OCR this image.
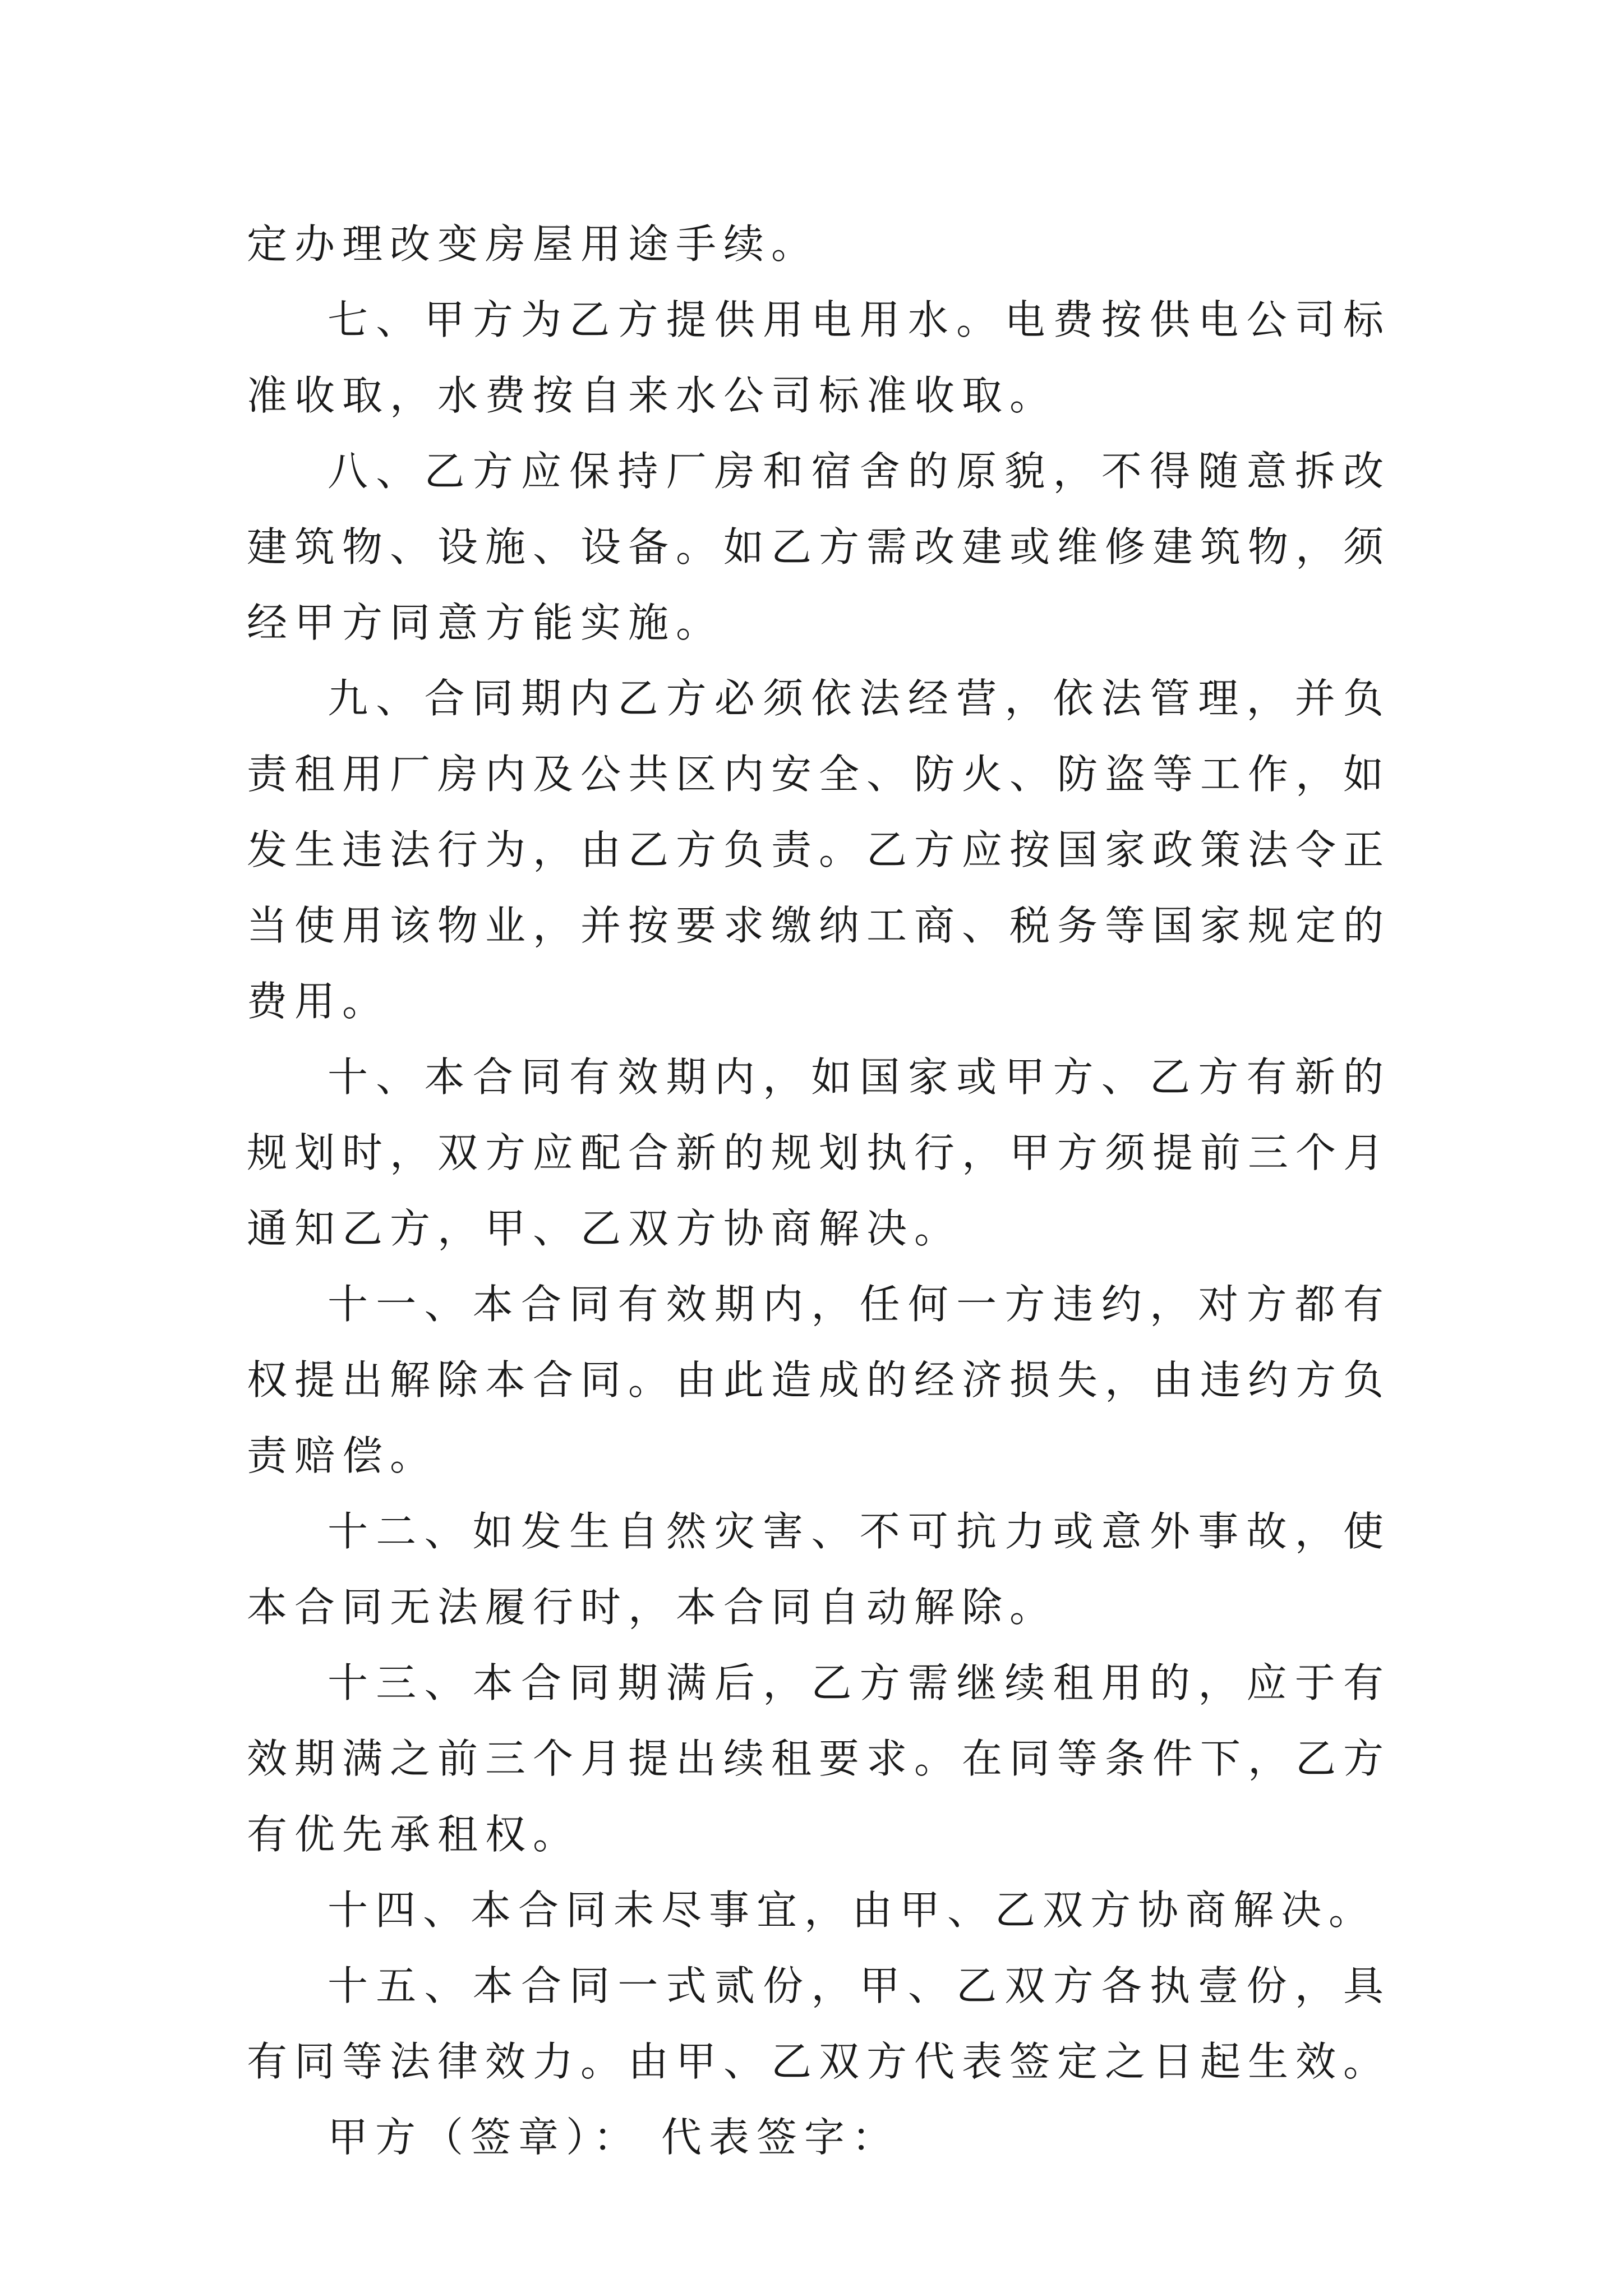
定办理改变房屋用途手续。

七、甲方为乙方提供用电用水。电费按供电公司标准收取，水费按自来水公司标准收取。

八、乙方应保持厂房和宿舍的原貌，不得随意拆改建筑物、设施、设备。如乙方需改建或维修建筑物，须经甲方同意方能实施。

九、合同期内乙方必须依法经营，依法管理，并负责租用厂房内及公共区内安全、防火、防盗等工作，如发生违法行为，由乙方负责。乙方应按国家政策法令正当使用该物业，并按要求缴纳工商、税务等国家规定的费用。

十、本合同有效期内，如国家或甲方、乙方有新的规划时，双方应配合新的规划执行，甲方须提前三个月通知乙方，甲、乙双方协商解决。

十一、本合同有效期内，任何一方违约，对方都有权提出解除本合同。由此造成的经济损失，由违约方负责赔偿。

十二、如发生自然灾害、不可抗力或意外事故，使本合同无法履行时，本合同自动解除。

十三、本合同期满后，乙方需继续租用的，应于有效期满之前三个月提出续租要求。在同等条件下，乙方有优先承租权。

十四、本合同未尽事宜，由甲、乙双方协商解决。

十五、本合同一式贰份，甲、乙双方各执壹份，具有同等法律效力。由甲、乙双方代表签定之日起生效。

甲方（签章）： 代表签字：
